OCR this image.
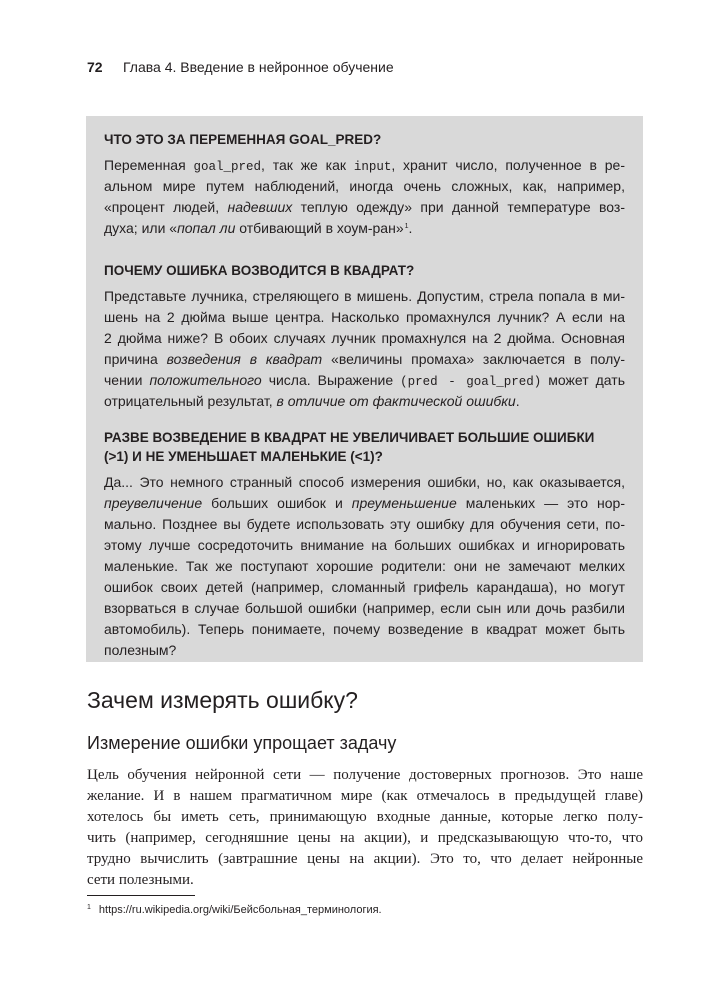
72 Глава 4. Введение в нейронное обучение
ЧТО ЭТО ЗА ПЕРЕМЕННАЯ GOAL_PRED?
Переменная goal_pred, так же как input, хранит число, полученное в ре-
альном мире путем наблюдений, иногда очень сложных, как, например,
«процент людей, надевших теплую одежду» при данной температуре воз-
духа; или «попал ли отбивающий в хоум-ран»$^1$.
ПОЧЕМУ ОШИБКА ВОЗВОДИТСЯ В КВАДРАТ?
Представьте лучника, стреляющего в мишень. Допустим, стрела попала в ми-
шень на 2 дюйма выше центра. Насколько промахнулся лучник? А если на
2 дюйма ниже? В обоих случаях лучник промахнулся на 2 дюйма. Основная
причина возведения в квадрат «величины промаха» заключается в полу-
чении положительного числа. Выражение (pred - goal_pred) может дать
отрицательный результат, в отличие от фактической ошибки.
РАЗВЕ ВОЗВЕДЕНИЕ В КВАДРАТ НЕ УВЕЛИЧИВАЕТ БОЛЬШИЕ ОШИБКИ
(>1) И НЕ УМЕНЬШАЕТ МАЛЕНЬКИЕ (<1)?
Да... Это немного странный способ измерения ошибки, но, как оказывается,
преувеличение больших ошибок и преуменьшение маленьких — это нор-
мально. Позднее вы будете использовать эту ошибку для обучения сети, по-
этому лучше сосредоточить внимание на больших ошибках и игнорировать
маленькие. Так же поступают хорошие родители: они не замечают мелких
ошибок своих детей (например, сломанный грифель карандаша), но могут
взорваться в случае большой ошибки (например, если сын или дочь разбили
автомобиль). Теперь понимаете, почему возведение в квадрат может быть
полезным?
Зачем измерять ошибку?
Измерение ошибки упрощает задачу
Цель обучения нейронной сети — получение достоверных прогнозов. Это наше
желание. И в нашем прагматичном мире (как отмечалось в предыдущей главе)
хотелось бы иметь сеть, принимающую входные данные, которые легко полу-
чить (например, сегодняшние цены на акции), и предсказывающую что-то, что
трудно вычислить (завтрашние цены на акции). Это то, что делает нейронные
сети полезными.
$^1$ https://ru.wikipedia.org/wiki/Бейсбольная_терминология.
